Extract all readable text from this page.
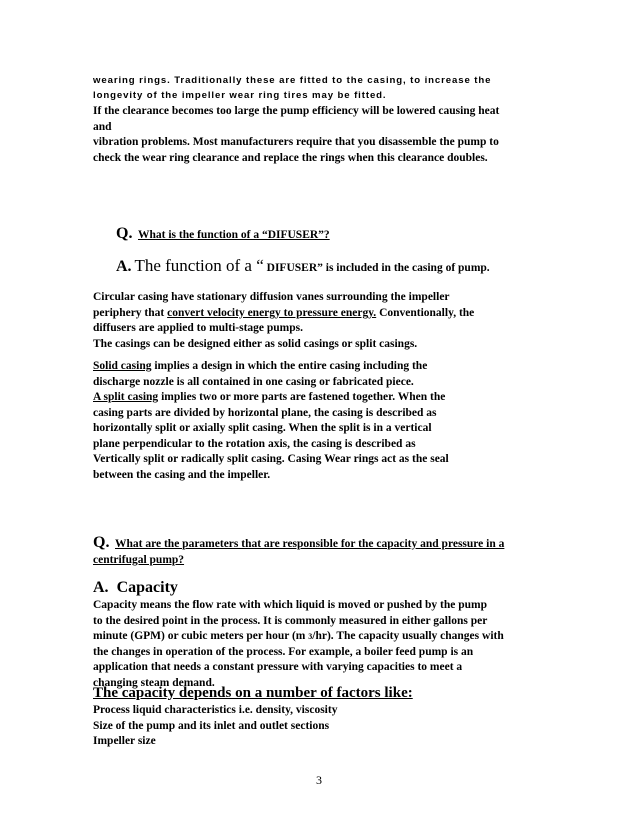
wearing rings. Traditionally these are fitted to the casing, to increase the
longevity of the impeller wear ring tires may be fitted.
If the clearance becomes too large the pump efficiency will be lowered causing heat
and
vibration problems. Most manufacturers require that you disassemble the pump to
check the wear ring clearance and replace the rings when this clearance doubles.
Q. What is the function of a “DIFUSER”?
A. The function of a “ DIFUSER” is included in the casing of pump.
Circular casing have stationary diffusion vanes surrounding the impeller
periphery that convert velocity energy to pressure energy. Conventionally, the
diffusers are applied to multi-stage pumps.
The casings can be designed either as solid casings or split casings.
Solid casing implies a design in which the entire casing including the
discharge nozzle is all contained in one casing or fabricated piece.
A split casing implies two or more parts are fastened together. When the
casing parts are divided by horizontal plane, the casing is described as
horizontally split or axially split casing. When the split is in a vertical
plane perpendicular to the rotation axis, the casing is described as
Vertically split or radically split casing. Casing Wear rings act as the seal
between the casing and the impeller.
Q. What are the parameters that are responsible for the capacity and pressure in a
centrifugal pump?
A. Capacity
Capacity means the flow rate with which liquid is moved or pushed by the pump
to the desired point in the process. It is commonly measured in either gallons per
minute (GPM) or cubic meters per hour (m 3/hr). The capacity usually changes with
the changes in operation of the process. For example, a boiler feed pump is an
application that needs a constant pressure with varying capacities to meet a
changing steam demand.
The capacity depends on a number of factors like:
Process liquid characteristics i.e. density, viscosity
Size of the pump and its inlet and outlet sections
Impeller size
3
